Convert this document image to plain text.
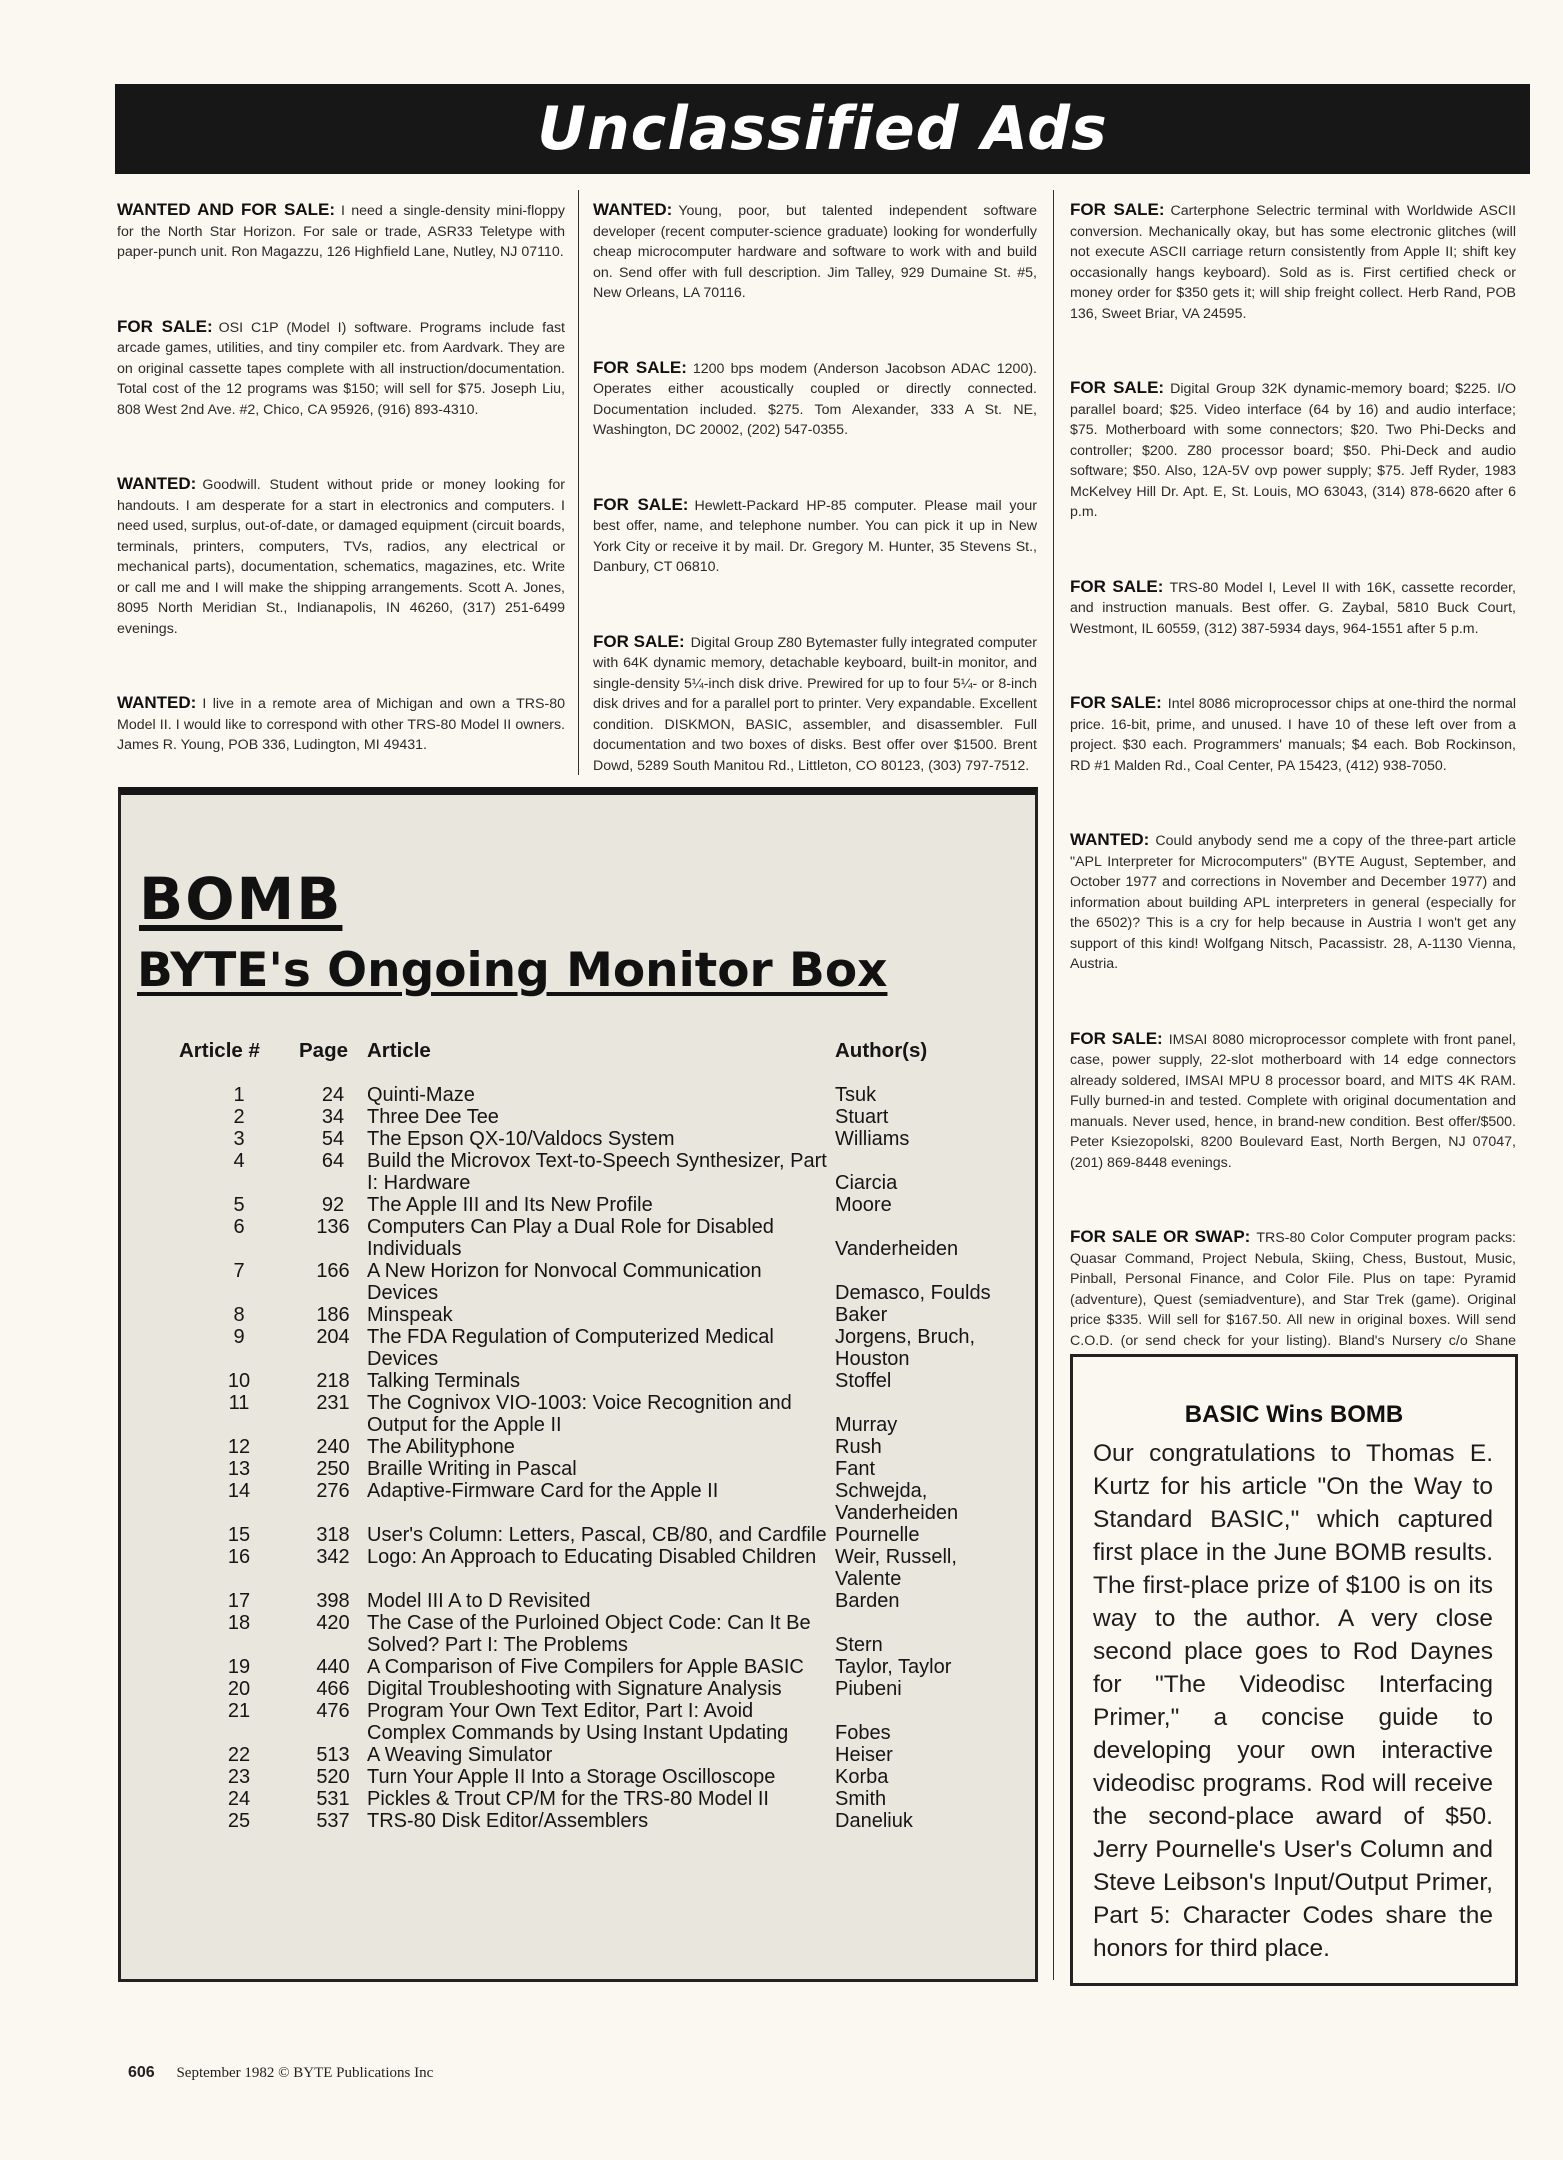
Unclassified Ads

WANTED AND FOR SALE: I need a single-density mini-floppy for the North Star Horizon. For sale or trade, ASR33 Teletype with paper-punch unit. Ron Magazzu, 126 Highfield Lane, Nutley, NJ 07110.

FOR SALE: OSI C1P (Model I) software. Programs include fast arcade games, utilities, and tiny compiler etc. from Aardvark. They are on original cassette tapes complete with all instruction/documentation. Total cost of the 12 programs was $150; will sell for $75. Joseph Liu, 808 West 2nd Ave. #2, Chico, CA 95926, (916) 893-4310.

WANTED: Goodwill. Student without pride or money looking for handouts. I am desperate for a start in electronics and computers. I need used, surplus, out-of-date, or damaged equipment (circuit boards, terminals, printers, computers, TVs, radios, any electrical or mechanical parts), documentation, schematics, magazines, etc. Write or call me and I will make the shipping arrangements. Scott A. Jones, 8095 North Meridian St., Indianapolis, IN 46260, (317) 251-6499 evenings.

WANTED: I live in a remote area of Michigan and own a TRS-80 Model II. I would like to correspond with other TRS-80 Model II owners. James R. Young, POB 336, Ludington, MI 49431.

WANTED: Young, poor, but talented independent software developer (recent computer-science graduate) looking for wonderfully cheap microcomputer hardware and software to work with and build on. Send offer with full description. Jim Talley, 929 Dumaine St. #5, New Orleans, LA 70116.

FOR SALE: 1200 bps modem (Anderson Jacobson ADAC 1200). Operates either acoustically coupled or directly connected. Documentation included. $275. Tom Alexander, 333 A St. NE, Washington, DC 20002, (202) 547-0355.

FOR SALE: Hewlett-Packard HP-85 computer. Please mail your best offer, name, and telephone number. You can pick it up in New York City or receive it by mail. Dr. Gregory M. Hunter, 35 Stevens St., Danbury, CT 06810.

FOR SALE: Digital Group Z80 Bytemaster fully integrated computer with 64K dynamic memory, detachable keyboard, built-in monitor, and single-density 5¼-inch disk drive. Prewired for up to four 5¼- or 8-inch disk drives and for a parallel port to printer. Very expandable. Excellent condition. DISKMON, BASIC, assembler, and disassembler. Full documentation and two boxes of disks. Best offer over $1500. Brent Dowd, 5289 South Manitou Rd., Littleton, CO 80123, (303) 797-7512.

FOR SALE: Carterphone Selectric terminal with Worldwide ASCII conversion. Mechanically okay, but has some electronic glitches (will not execute ASCII carriage return consistently from Apple II; shift key occasionally hangs keyboard). Sold as is. First certified check or money order for $350 gets it; will ship freight collect. Herb Rand, POB 136, Sweet Briar, VA 24595.

FOR SALE: Digital Group 32K dynamic-memory board; $225. I/O parallel board; $25. Video interface (64 by 16) and audio interface; $75. Motherboard with some connectors; $20. Two Phi-Decks and controller; $200. Z80 processor board; $50. Phi-Deck and audio software; $50. Also, 12A-5V ovp power supply; $75. Jeff Ryder, 1983 McKelvey Hill Dr. Apt. E, St. Louis, MO 63043, (314) 878-6620 after 6 p.m.

FOR SALE: TRS-80 Model I, Level II with 16K, cassette recorder, and instruction manuals. Best offer. G. Zaybal, 5810 Buck Court, Westmont, IL 60559, (312) 387-5934 days, 964-1551 after 5 p.m.

FOR SALE: Intel 8086 microprocessor chips at one-third the normal price. 16-bit, prime, and unused. I have 10 of these left over from a project. $30 each. Programmers' manuals; $4 each. Bob Rockinson, RD #1 Malden Rd., Coal Center, PA 15423, (412) 938-7050.

WANTED: Could anybody send me a copy of the three-part article "APL Interpreter for Microcomputers" (BYTE August, September, and October 1977 and corrections in November and December 1977) and information about building APL interpreters in general (especially for the 6502)? This is a cry for help because in Austria I won't get any support of this kind! Wolfgang Nitsch, Pacassistr. 28, A-1130 Vienna, Austria.

FOR SALE: IMSAI 8080 microprocessor complete with front panel, case, power supply, 22-slot motherboard with 14 edge connectors already soldered, IMSAI MPU 8 processor board, and MITS 4K RAM. Fully burned-in and tested. Complete with original documentation and manuals. Never used, hence, in brand-new condition. Best offer/$500. Peter Ksiezopolski, 8200 Boulevard East, North Bergen, NJ 07047, (201) 869-8448 evenings.

FOR SALE OR SWAP: TRS-80 Color Computer program packs: Quasar Command, Project Nebula, Skiing, Chess, Bustout, Music, Pinball, Personal Finance, and Color File. Plus on tape: Pyramid (adventure), Quest (semiadventure), and Star Trek (game). Original price $335. Will sell for $167.50. All new in original boxes. Will send C.O.D. (or send check for your listing). Bland's Nursery c/o Shane

BOMB
BYTE's Ongoing Monitor Box
Article #	Page	Article	Author(s)
1	24	Quinti-Maze	Tsuk
2	34	Three Dee Tee	Stuart
3	54	The Epson QX-10/Valdocs System	Williams
4	64	Build the Microvox Text-to-Speech Synthesizer, Part I: Hardware	Ciarcia
5	92	The Apple III and Its New Profile	Moore
6	136	Computers Can Play a Dual Role for Disabled Individuals	Vanderheiden
7	166	A New Horizon for Nonvocal Communication Devices	Demasco, Foulds
8	186	Minspeak	Baker
9	204	The FDA Regulation of Computerized Medical Devices	Jorgens, Bruch, Houston
10	218	Talking Terminals	Stoffel
11	231	The Cognivox VIO-1003: Voice Recognition and Output for the Apple II	Murray
12	240	The Abilityphone	Rush
13	250	Braille Writing in Pascal	Fant
14	276	Adaptive-Firmware Card for the Apple II	Schwejda, Vanderheiden
15	318	User's Column: Letters, Pascal, CB/80, and Cardfile	Pournelle
16	342	Logo: An Approach to Educating Disabled Children	Weir, Russell, Valente
17	398	Model III A to D Revisited	Barden
18	420	The Case of the Purloined Object Code: Can It Be Solved? Part I: The Problems	Stern
19	440	A Comparison of Five Compilers for Apple BASIC	Taylor, Taylor
20	466	Digital Troubleshooting with Signature Analysis	Piubeni
21	476	Program Your Own Text Editor, Part I: Avoid Complex Commands by Using Instant Updating	Fobes
22	513	A Weaving Simulator	Heiser
23	520	Turn Your Apple II Into a Storage Oscilloscope	Korba
24	531	Pickles & Trout CP/M for the TRS-80 Model II	Smith
25	537	TRS-80 Disk Editor/Assemblers	Daneliuk
BASIC Wins BOMB

Our congratulations to Thomas E. Kurtz for his article "On the Way to Standard BASIC," which captured first place in the June BOMB results. The first-place prize of $100 is on its way to the author. A very close second place goes to Rod Daynes for "The Videodisc Interfacing Primer," a concise guide to developing your own interactive videodisc programs. Rod will receive the second-place award of $50. Jerry Pournelle's User's Column and Steve Leibson's Input/Output Primer, Part 5: Character Codes share the honors for third place.

606 September 1982 © BYTE Publications Inc
